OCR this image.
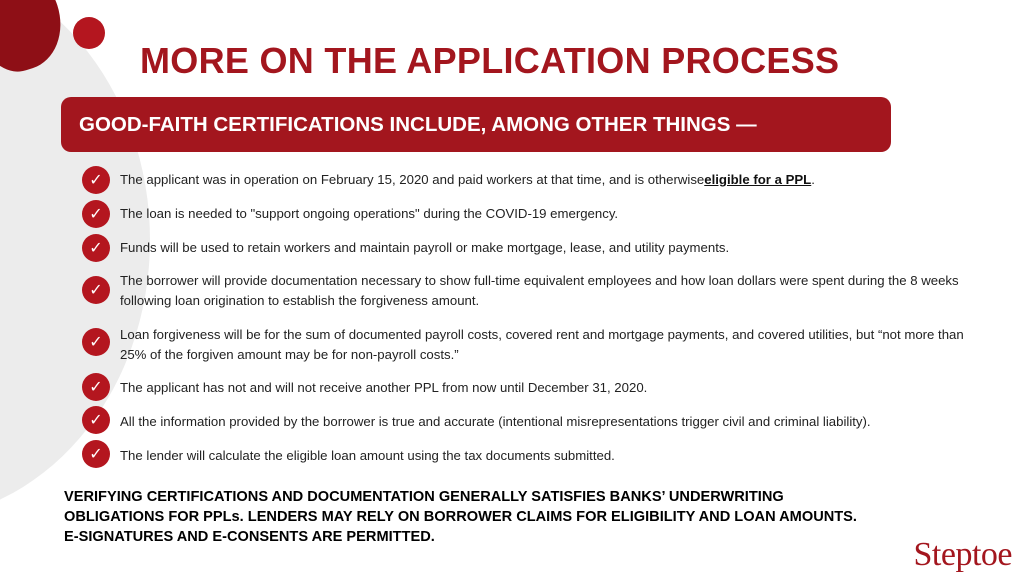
MORE ON THE APPLICATION PROCESS
GOOD-FAITH CERTIFICATIONS INCLUDE, AMONG OTHER THINGS —
✓	The applicant was in operation on February 15, 2020 and paid workers at that time, and is otherwiseeligible for a PPL.
✓	The loan is needed to "support ongoing operations" during the COVID-19 emergency.
✓	Funds will be used to retain workers and maintain payroll or make mortgage, lease, and utility payments.
✓	The borrower will provide documentation necessary to show full-time equivalent employees and how loan dollars were spent during the 8 weeks following loan origination to establish the forgiveness amount.
✓	Loan forgiveness will be for the sum of documented payroll costs, covered rent and mortgage payments, and covered utilities, but “not more than 25% of the forgiven amount may be for non-payroll costs.”
✓	The applicant has not and will not receive another PPL from now until December 31, 2020.
✓	All the information provided by the borrower is true and accurate (intentional misrepresentations trigger civil and criminal liability).
✓	The lender will calculate the eligible loan amount using the tax documents submitted.
VERIFYING CERTIFICATIONS AND DOCUMENTATION GENERALLY SATISFIES BANKS’ UNDERWRITING
OBLIGATIONS FOR PPLs. LENDERS MAY RELY ON BORROWER CLAIMS FOR ELIGIBILITY AND LOAN AMOUNTS.
E-SIGNATURES AND E-CONSENTS ARE PERMITTED.	Steptoe
